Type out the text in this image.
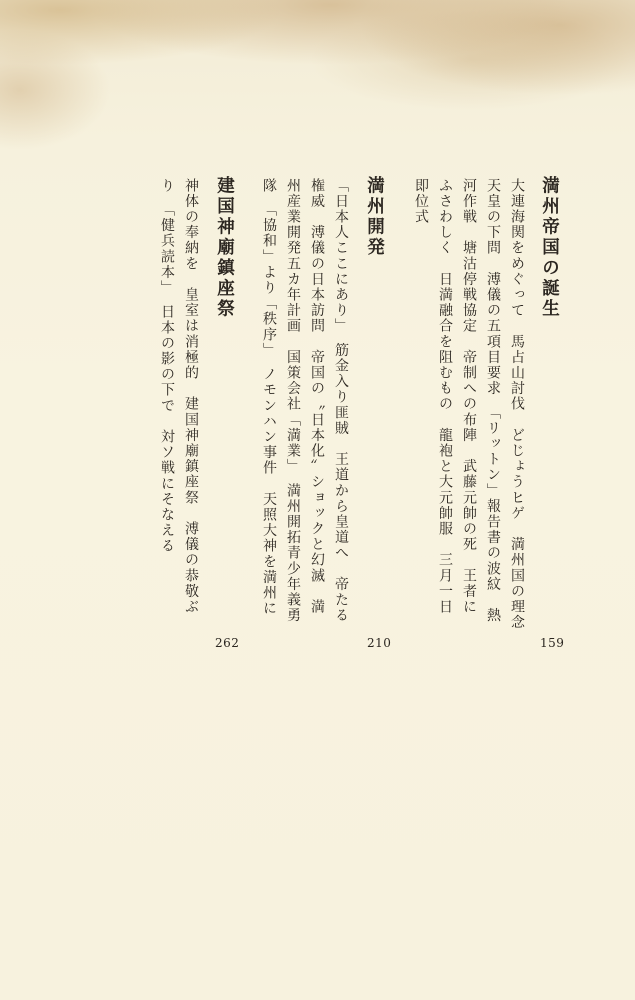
満州帝国の誕生
大連海関をめぐって　馬占山討伐　どじょうヒゲ　満州国の理念
天皇の下問　溥儀の五項目要求　「リットン」報告書の波紋　熱
河作戦　塘沽停戦協定　帝制への布陣　武藤元帥の死　王者に
ふさわしく　日満融合を阻むもの　龍袍と大元帥服　三月一日
即位式
159
満州開発
「日本人ここにあり」　筋金入り匪賊　王道から皇道へ　帝たる
権威　溥儀の日本訪問　帝国の〝日本化〟ショックと幻滅　満
州産業開発五カ年計画　国策会社「満業」　満州開拓青少年義勇
隊　「協和」より「秩序」　ノモンハン事件　天照大神を満州に
210
建国神廟鎮座祭
神体の奉納を　皇室は消極的　建国神廟鎮座祭　溥儀の恭敬ぶ
り　「健兵読本」　日本の影の下で　対ソ戦にそなえる
262
